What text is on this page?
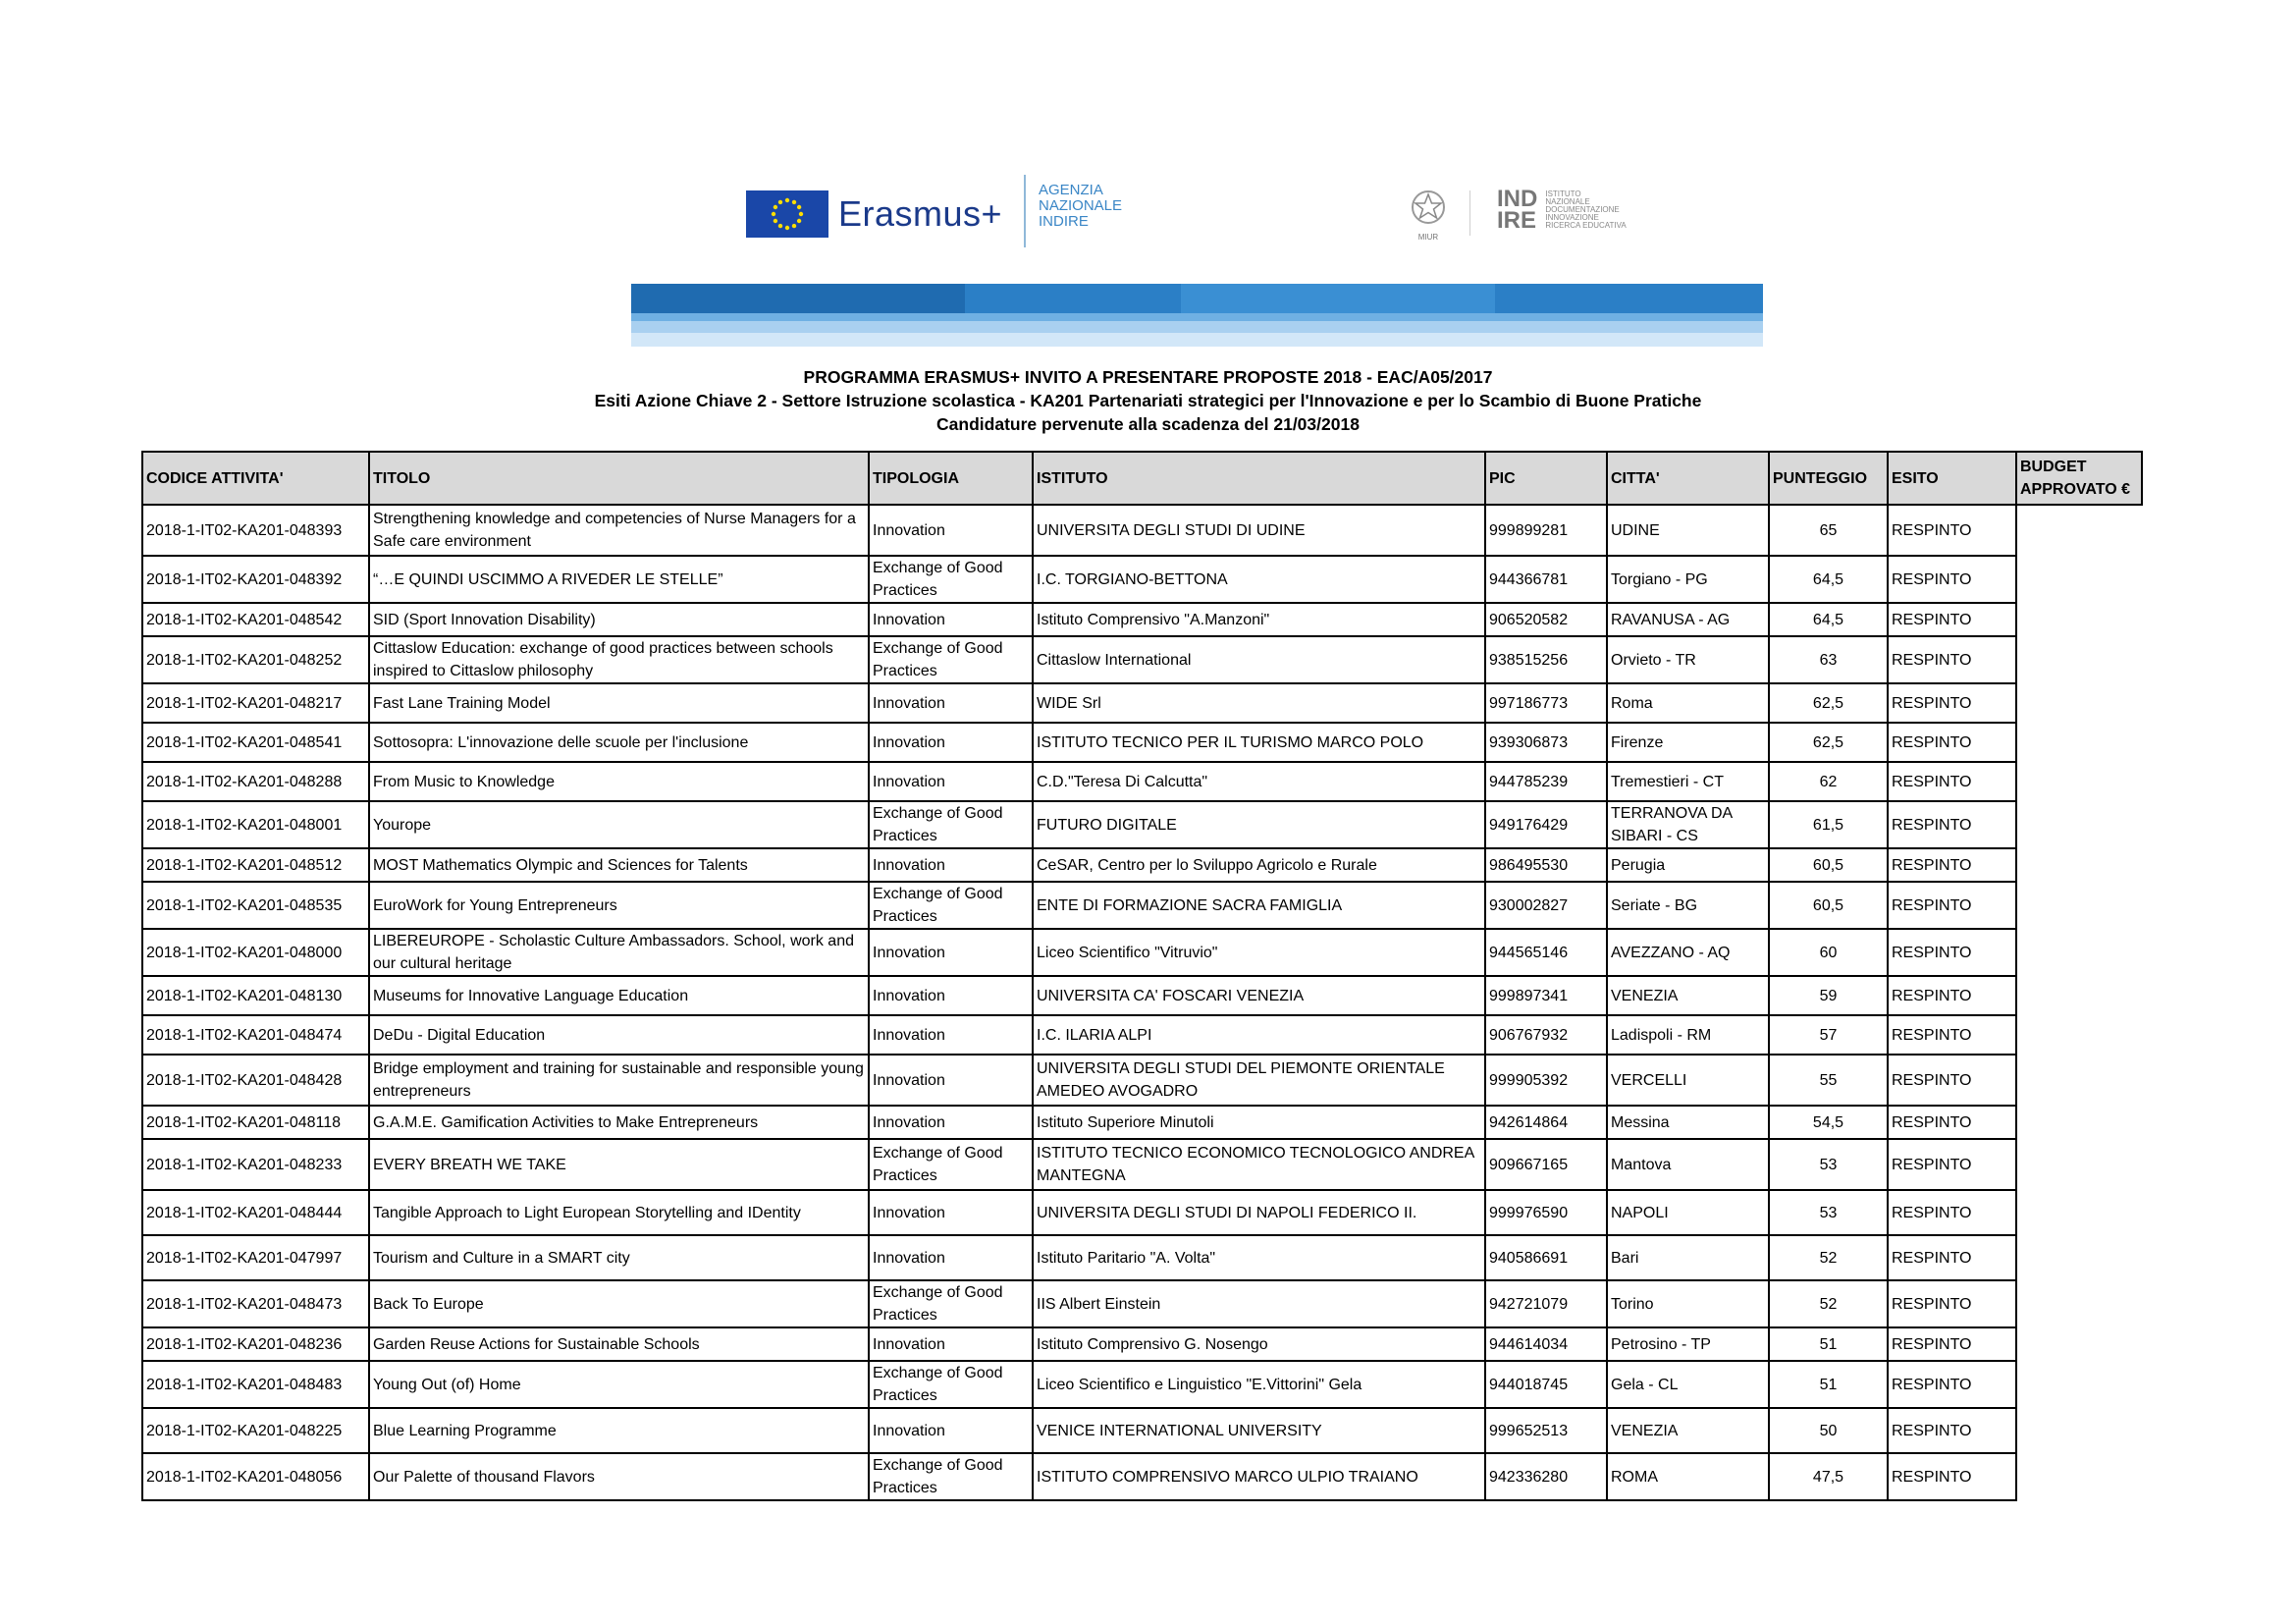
Erasmus+
AGENZIA
NAZIONALE
INDIRE
MIUR
IND
IRE
ISTITUTO
NAZIONALE
DOCUMENTAZIONE
INNOVAZIONE
RICERCA EDUCATIVA
PROGRAMMA ERASMUS+ INVITO A PRESENTARE PROPOSTE 2018 - EAC/A05/2017
Esiti Azione Chiave 2 - Settore Istruzione scolastica - KA201 Partenariati strategici per l'Innovazione e per lo Scambio di Buone Pratiche
Candidature pervenute alla scadenza del 21/03/2018
CODICE ATTIVITA'	TITOLO	TIPOLOGIA	ISTITUTO	PIC	CITTA'	PUNTEGGIO	ESITO	BUDGET APPROVATO €
2018-1-IT02-KA201-048393	Strengthening knowledge and competencies of Nurse Managers for a Safe care environment	Innovation	UNIVERSITA DEGLI STUDI DI UDINE	999899281	UDINE	65	RESPINTO	
2018-1-IT02-KA201-048392	“…E QUINDI USCIMMO A RIVEDER LE STELLE”	Exchange of Good Practices	I.C. TORGIANO-BETTONA	944366781	Torgiano - PG	64,5	RESPINTO	
2018-1-IT02-KA201-048542	SID (Sport Innovation Disability)	Innovation	Istituto Comprensivo "A.Manzoni"	906520582	RAVANUSA - AG	64,5	RESPINTO	
2018-1-IT02-KA201-048252	Cittaslow Education: exchange of good practices between schools inspired to Cittaslow philosophy	Exchange of Good Practices	Cittaslow International	938515256	Orvieto - TR	63	RESPINTO	
2018-1-IT02-KA201-048217	Fast Lane Training Model	Innovation	WIDE Srl	997186773	Roma	62,5	RESPINTO	
2018-1-IT02-KA201-048541	Sottosopra: L'innovazione delle scuole per l'inclusione	Innovation	ISTITUTO TECNICO PER IL TURISMO MARCO POLO	939306873	Firenze	62,5	RESPINTO	
2018-1-IT02-KA201-048288	From Music to Knowledge	Innovation	C.D."Teresa Di Calcutta"	944785239	Tremestieri - CT	62	RESPINTO	
2018-1-IT02-KA201-048001	Yourope	Exchange of Good Practices	FUTURO DIGITALE	949176429	TERRANOVA DA SIBARI - CS	61,5	RESPINTO	
2018-1-IT02-KA201-048512	MOST Mathematics Olympic and Sciences for Talents	Innovation	CeSAR, Centro per lo Sviluppo Agricolo e Rurale	986495530	Perugia	60,5	RESPINTO	
2018-1-IT02-KA201-048535	EuroWork for Young Entrepreneurs	Exchange of Good Practices	ENTE DI FORMAZIONE SACRA FAMIGLIA	930002827	Seriate - BG	60,5	RESPINTO	
2018-1-IT02-KA201-048000	LIBEREUROPE - Scholastic Culture Ambassadors. School, work and our cultural heritage	Innovation	Liceo Scientifico "Vitruvio"	944565146	AVEZZANO - AQ	60	RESPINTO	
2018-1-IT02-KA201-048130	Museums for Innovative Language Education	Innovation	UNIVERSITA CA' FOSCARI VENEZIA	999897341	VENEZIA	59	RESPINTO	
2018-1-IT02-KA201-048474	DeDu - Digital Education	Innovation	I.C. ILARIA ALPI	906767932	Ladispoli - RM	57	RESPINTO	
2018-1-IT02-KA201-048428	Bridge employment and training for sustainable and responsible young entrepreneurs	Innovation	UNIVERSITA DEGLI STUDI DEL PIEMONTE ORIENTALE AMEDEO AVOGADRO	999905392	VERCELLI	55	RESPINTO	
2018-1-IT02-KA201-048118	G.A.M.E. Gamification Activities to Make Entrepreneurs	Innovation	Istituto Superiore Minutoli	942614864	Messina	54,5	RESPINTO	
2018-1-IT02-KA201-048233	EVERY BREATH WE TAKE	Exchange of Good Practices	ISTITUTO TECNICO ECONOMICO TECNOLOGICO ANDREA MANTEGNA	909667165	Mantova	53	RESPINTO	
2018-1-IT02-KA201-048444	Tangible Approach to Light European Storytelling and IDentity	Innovation	UNIVERSITA DEGLI STUDI DI NAPOLI FEDERICO II.	999976590	NAPOLI	53	RESPINTO	
2018-1-IT02-KA201-047997	Tourism and Culture in a SMART city	Innovation	Istituto Paritario "A. Volta"	940586691	Bari	52	RESPINTO	
2018-1-IT02-KA201-048473	Back To Europe	Exchange of Good Practices	IIS Albert Einstein	942721079	Torino	52	RESPINTO	
2018-1-IT02-KA201-048236	Garden Reuse Actions for Sustainable Schools	Innovation	Istituto Comprensivo G. Nosengo	944614034	Petrosino - TP	51	RESPINTO	
2018-1-IT02-KA201-048483	Young Out (of) Home	Exchange of Good Practices	Liceo Scientifico e Linguistico "E.Vittorini" Gela	944018745	Gela - CL	51	RESPINTO	
2018-1-IT02-KA201-048225	Blue Learning Programme	Innovation	VENICE INTERNATIONAL UNIVERSITY	999652513	VENEZIA	50	RESPINTO	
2018-1-IT02-KA201-048056	Our Palette of thousand Flavors	Exchange of Good Practices	ISTITUTO COMPRENSIVO MARCO ULPIO TRAIANO	942336280	ROMA	47,5	RESPINTO	
